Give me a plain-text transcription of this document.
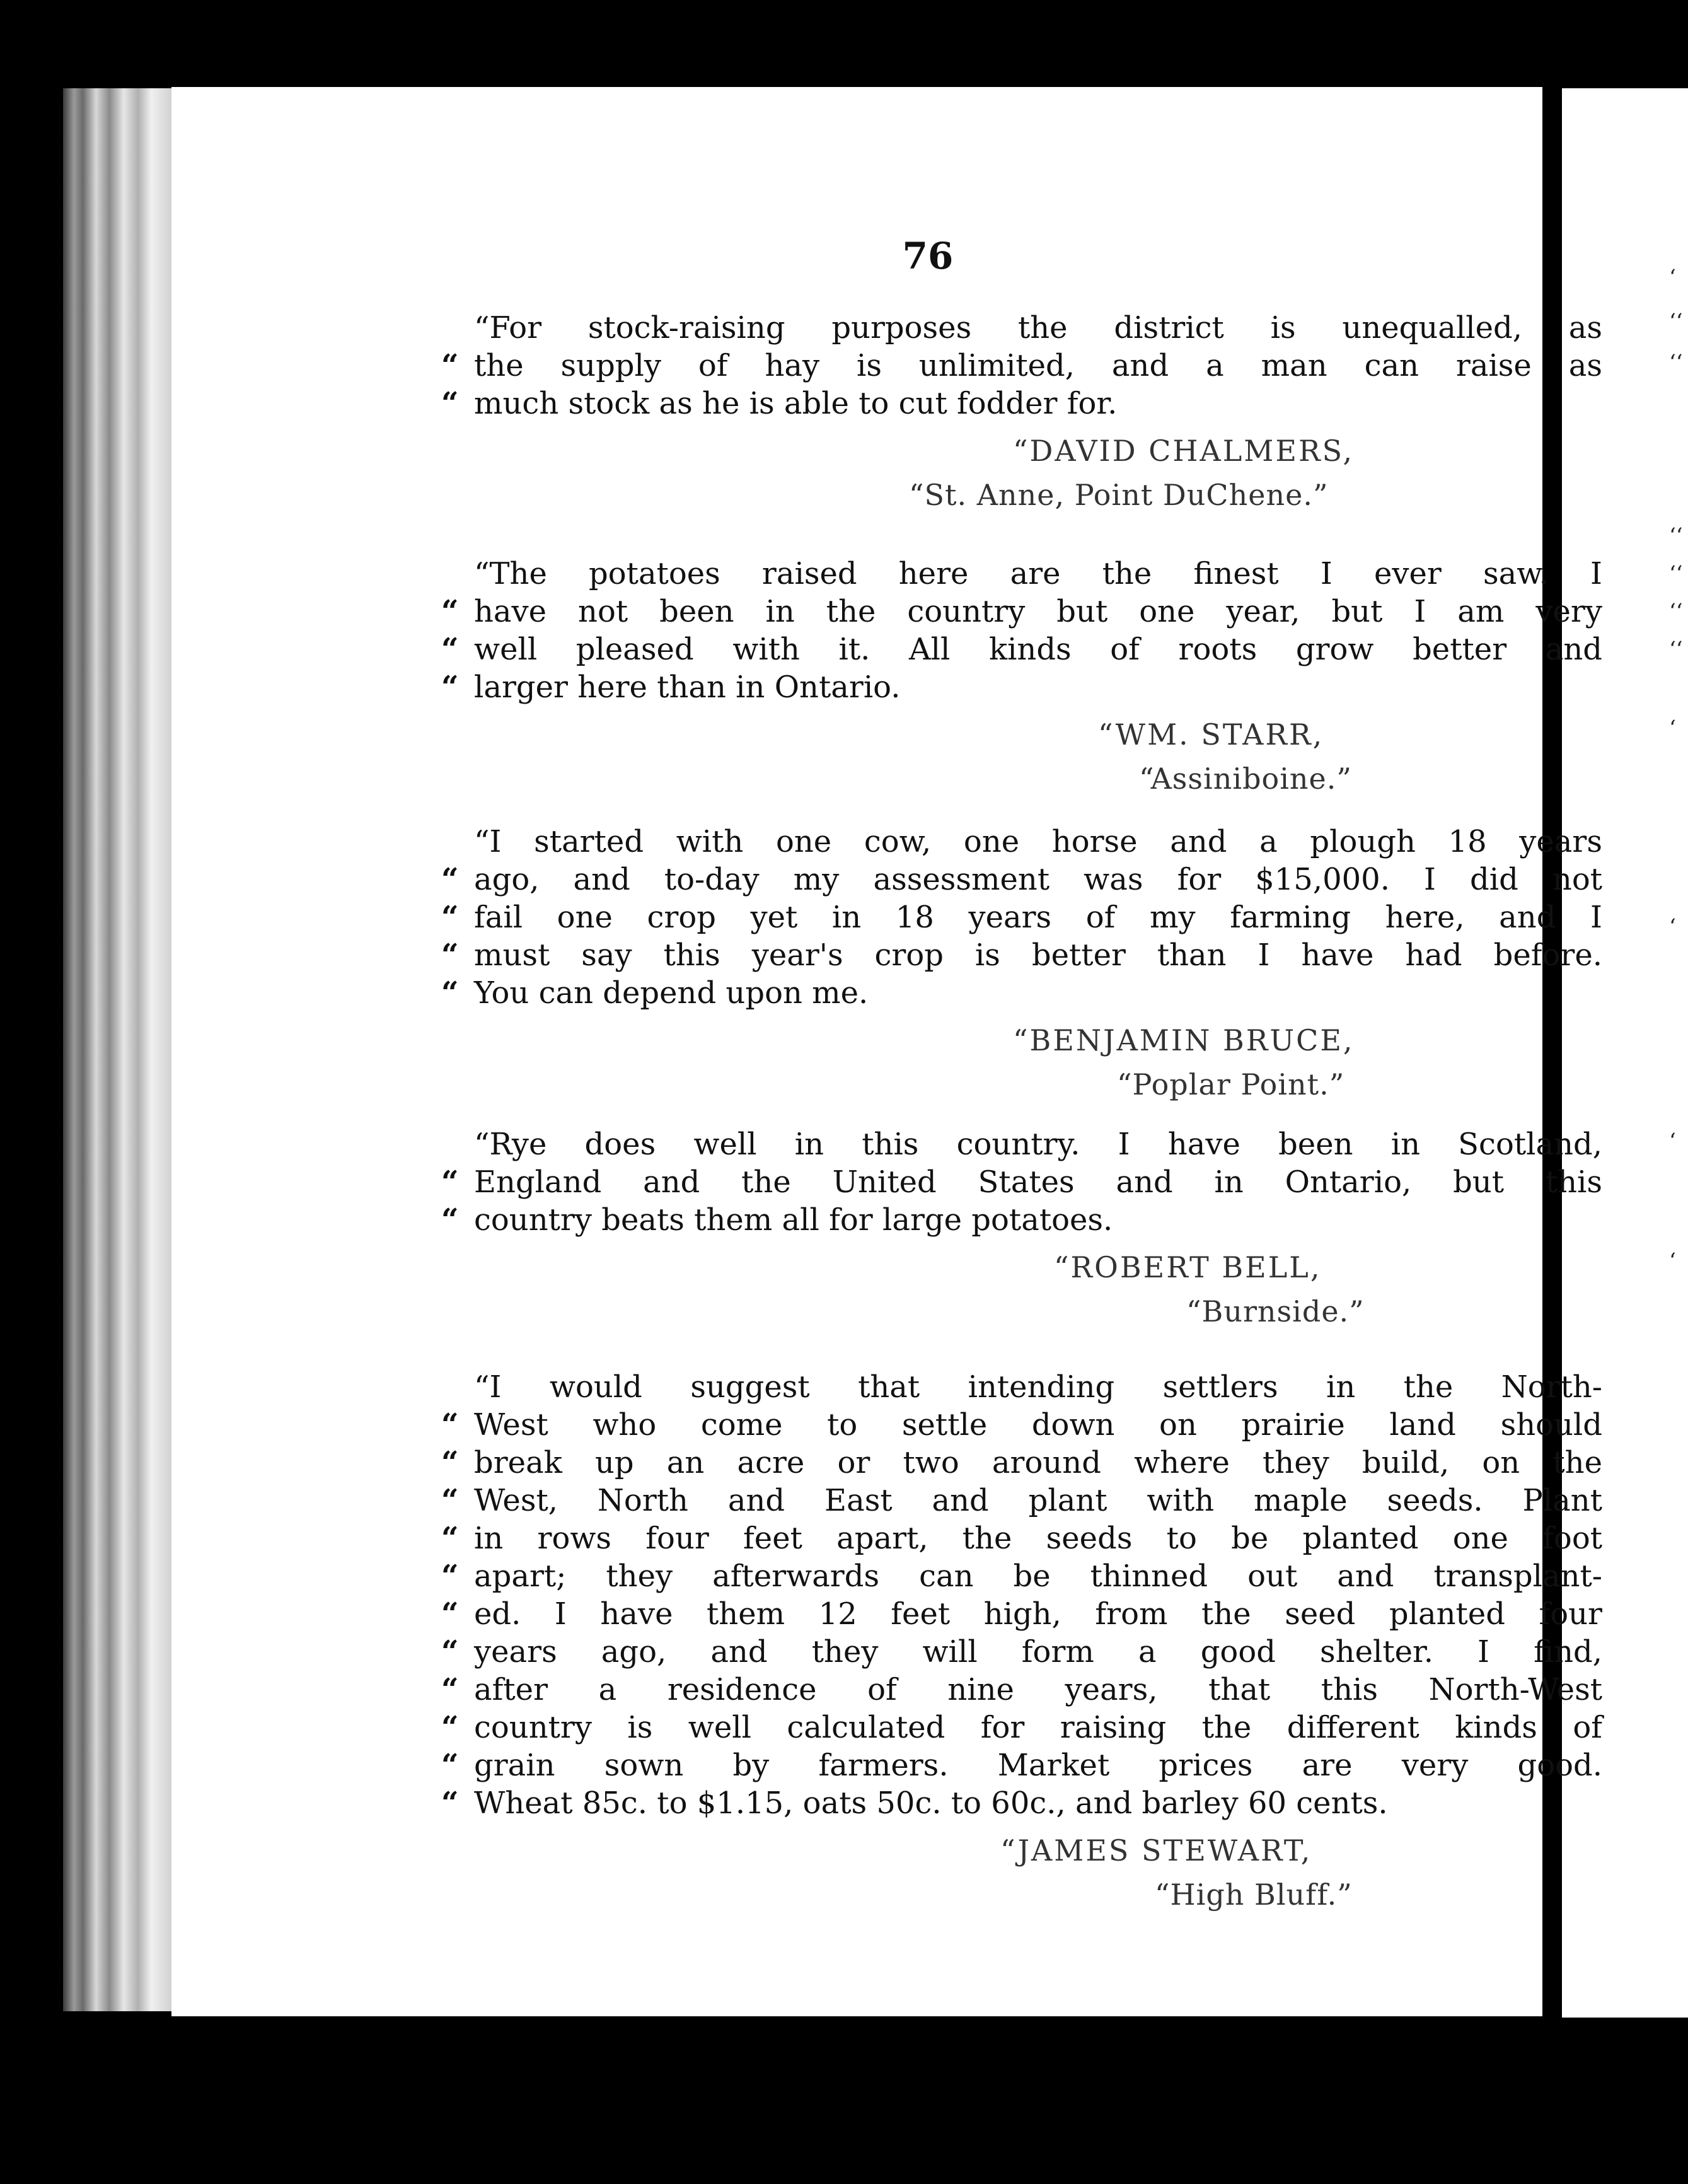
‘
‘‘
‘‘
‘‘
‘‘
‘‘
‘‘
‘
‘
‘
‘
76
“For stock-raising purposes the district is unequalled, as
“ the supply of hay is unlimited, and a man can raise as
“ much stock as he is able to cut fodder for.
“DAVID CHALMERS,
“St. Anne, Point DuChene.”
“The potatoes raised here are the finest I ever saw. I
“ have not been in the country but one year, but I am very
“ well pleased with it. All kinds of roots grow better and
“ larger here than in Ontario.
“WM. STARR,
“Assiniboine.”
“I started with one cow, one horse and a plough 18 years
“ ago, and to-day my assessment was for $15,000. I did not
“ fail one crop yet in 18 years of my farming here, and I
“ must say this year's crop is better than I have had before.
“ You can depend upon me.
“BENJAMIN BRUCE,
“Poplar Point.”
“Rye does well in this country. I have been in Scotland,
“ England and the United States and in Ontario, but this
“ country beats them all for large potatoes.
“ROBERT BELL,
“Burnside.”
“I would suggest that intending settlers in the North-
“ West who come to settle down on prairie land should
“ break up an acre or two around where they build, on the
“ West, North and East and plant with maple seeds. Plant
“ in rows four feet apart, the seeds to be planted one foot
“ apart; they afterwards can be thinned out and transplant-
“ ed. I have them 12 feet high, from the seed planted four
“ years ago, and they will form a good shelter. I find,
“ after a residence of nine years, that this North-West
“ country is well calculated for raising the different kinds of
“ grain sown by farmers. Market prices are very good.
“ Wheat 85c. to $1.15, oats 50c. to 60c., and barley 60 cents.
“JAMES STEWART,
“High Bluff.”
